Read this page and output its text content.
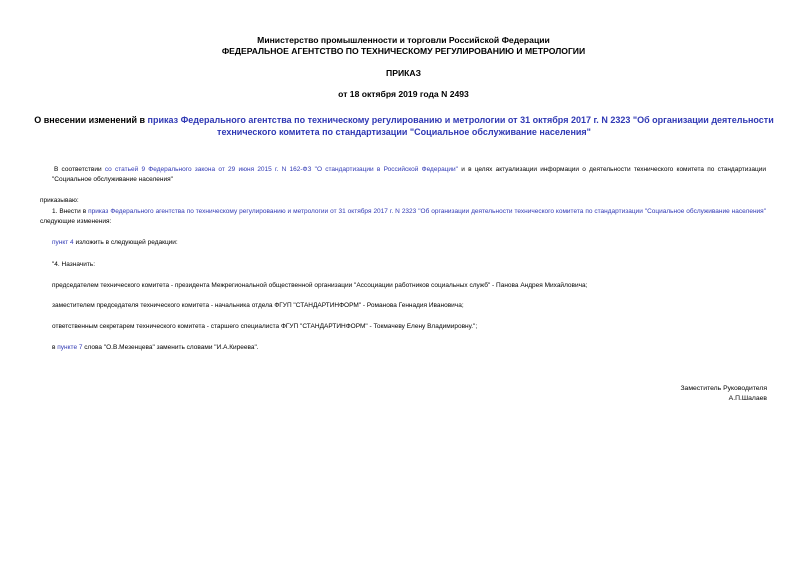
Министерство промышленности и торговли Российской Федерации
ФЕДЕРАЛЬНОЕ АГЕНТСТВО ПО ТЕХНИЧЕСКОМУ РЕГУЛИРОВАНИЮ И МЕТРОЛОГИИ
ПРИКАЗ
от 18 октября 2019 года N 2493
О внесении изменений в приказ Федерального агентства по техническому регулированию и метрологии от 31 октября 2017 г. N 2323 "Об организации деятельности технического комитета по стандартизации "Социальное обслуживание населения"
В соответствии со статьей 9 Федерального закона от 29 июня 2015 г. N 162-ФЗ "О стандартизации в Российской Федерации" и в целях актуализации информации о деятельности технического комитета по стандартизации "Социальное обслуживание населения"
приказываю:
1. Внести в приказ Федерального агентства по техническому регулированию и метрологии от 31 октября 2017 г. N 2323 "Об организации деятельности технического комитета по стандартизации "Социальное обслуживание населения" следующие изменения:
пункт 4 изложить в следующей редакции:
"4. Назначить:
председателем технического комитета - президента Межрегиональной общественной организации "Ассоциации работников социальных служб" - Панова Андрея Михайловича;
заместителем председателя технического комитета - начальника отдела ФГУП "СТАНДАРТИНФОРМ" - Романова Геннадия Ивановича;
ответственным секретарем технического комитета - старшего специалиста ФГУП "СТАНДАРТИНФОРМ" - Токмачеву Елену Владимировну.";
в пункте 7 слова "О.В.Мезенцева" заменить словами "И.А.Киреева".
Заместитель Руководителя
А.П.Шалаев
